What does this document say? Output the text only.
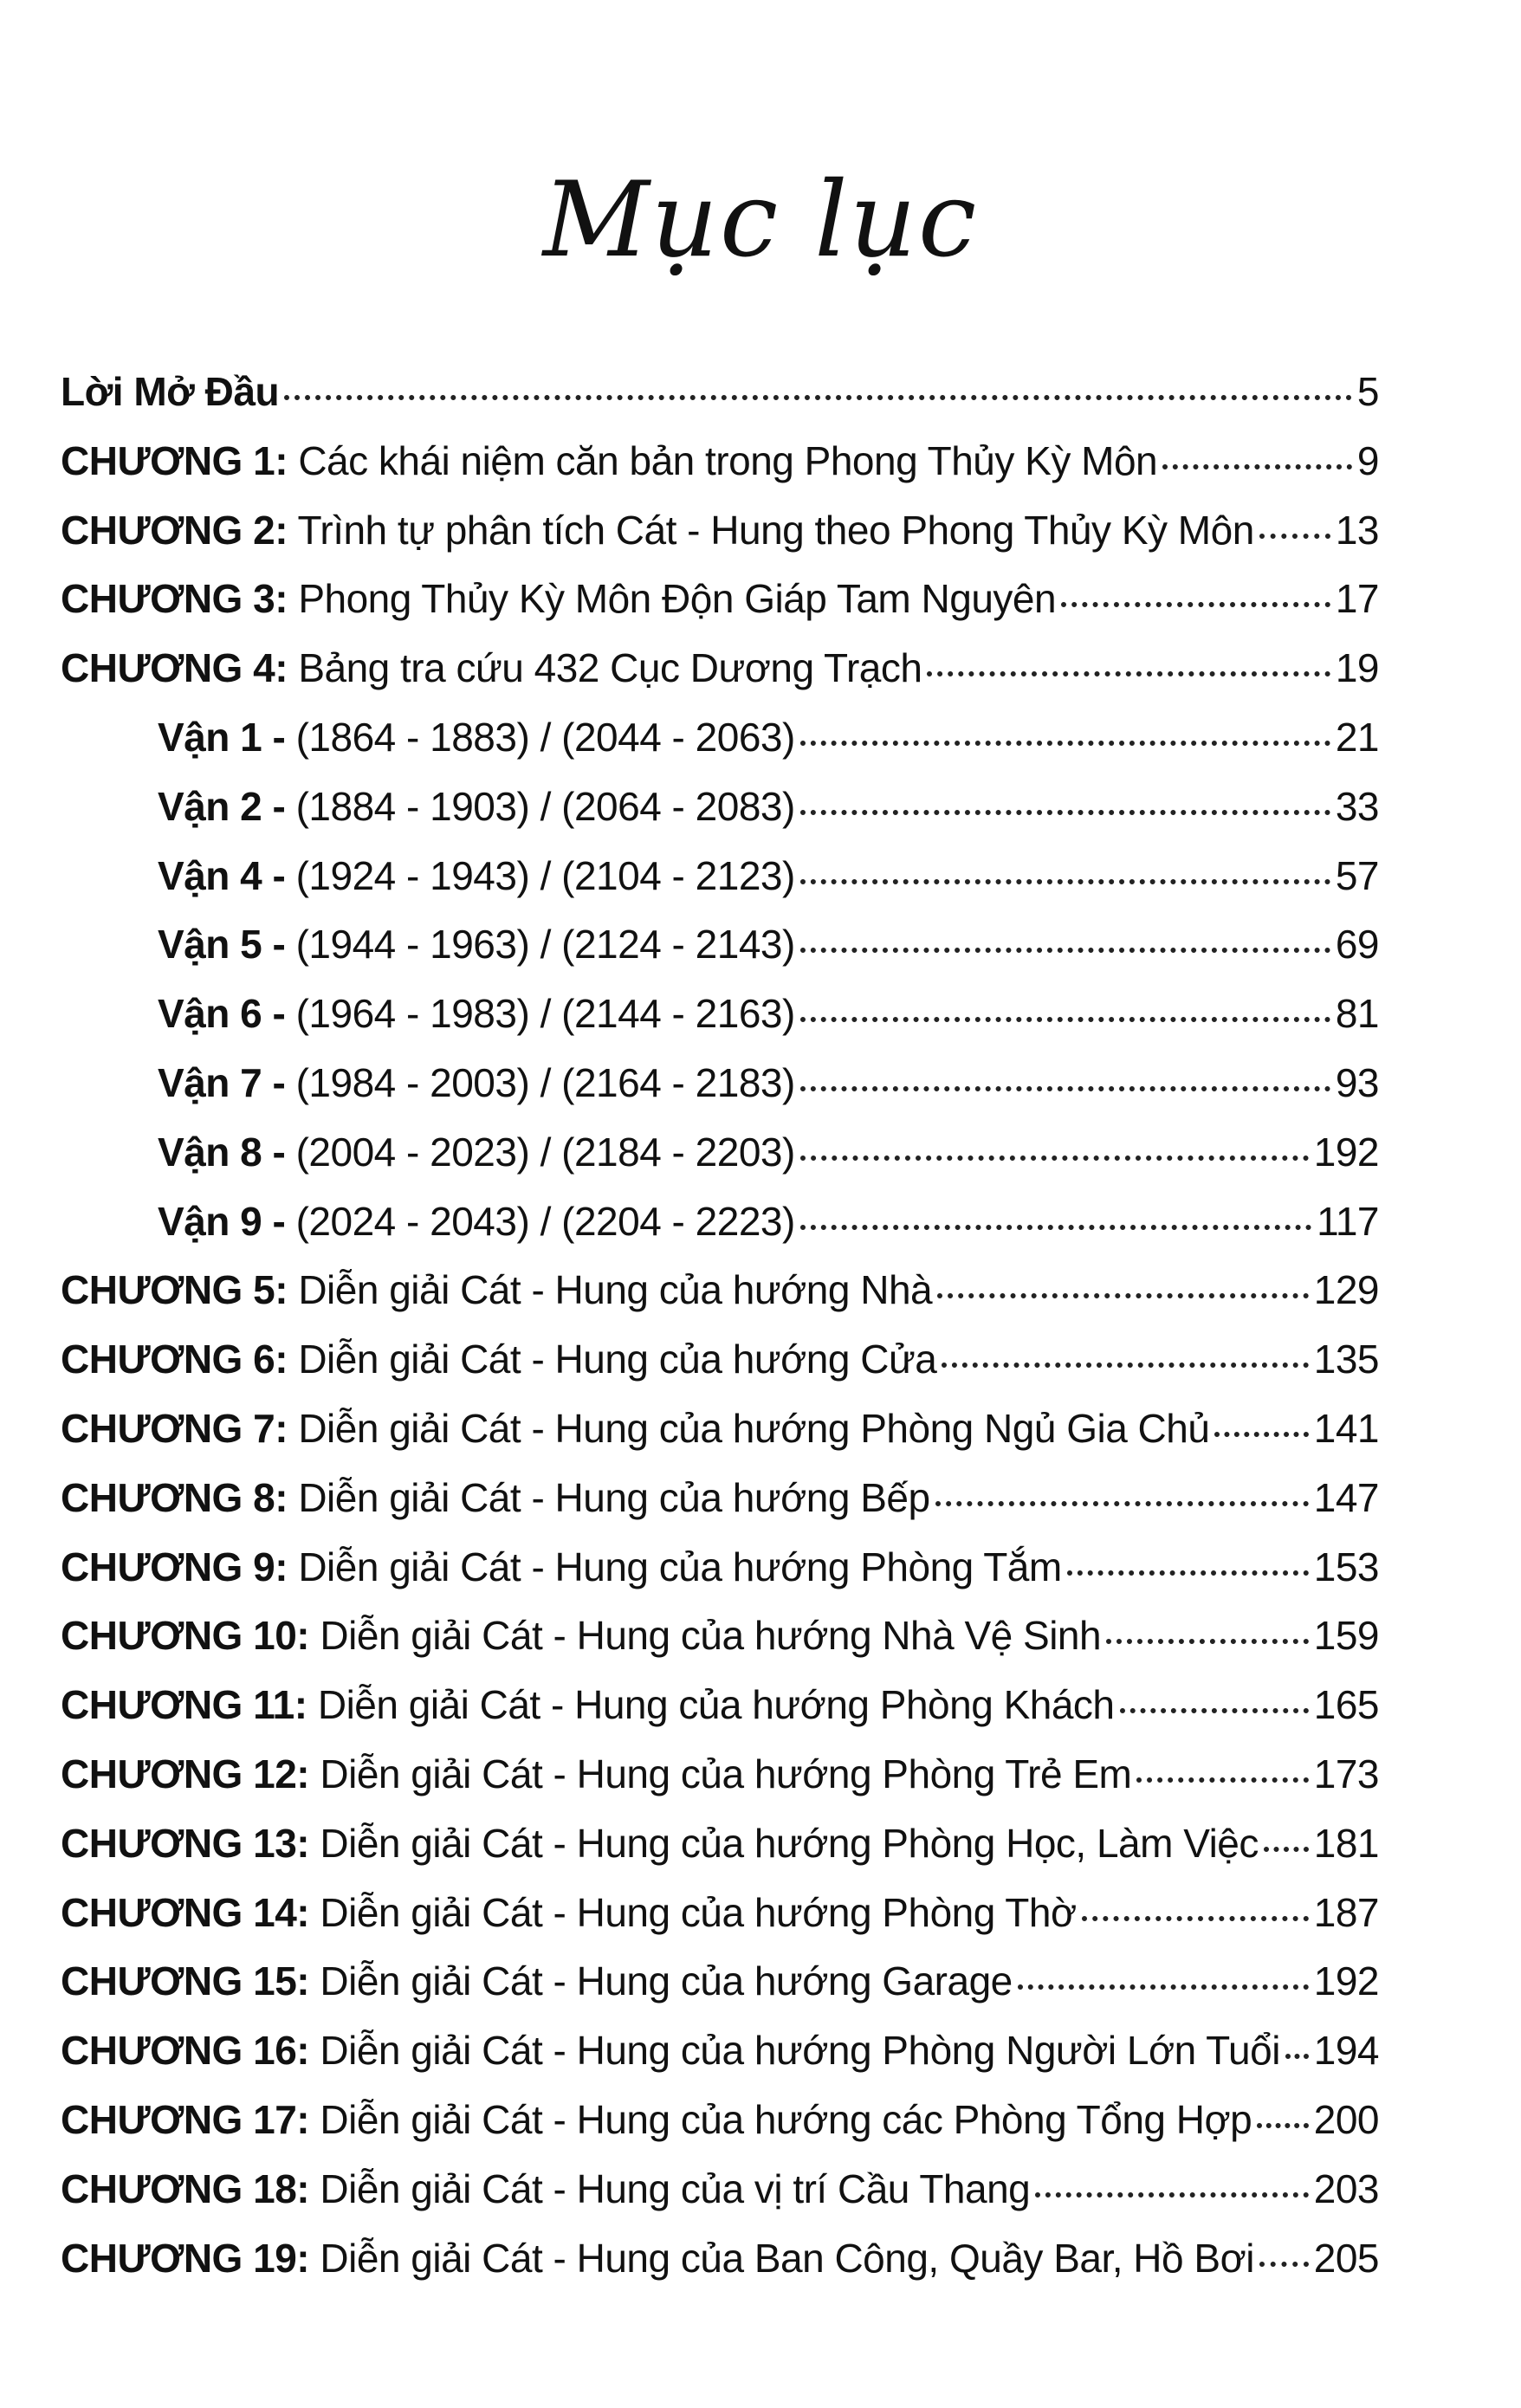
Mục lục
Lời Mở Đầu	5
CHƯƠNG 1: Các khái niệm căn bản trong Phong Thủy Kỳ Môn	9
CHƯƠNG 2: Trình tự phân tích Cát - Hung theo Phong Thủy Kỳ Môn 13
CHƯƠNG 3: Phong Thủy Kỳ Môn Độn Giáp Tam Nguyên	17
CHƯƠNG 4: Bảng tra cứu 432 Cục Dương Trạch	19
Vận 1 - (1864 - 1883) / (2044 - 2063)	21
Vận 2 - (1884 - 1903) / (2064 - 2083)	33
Vận 4 - (1924 - 1943) / (2104 - 2123)	57
Vận 5 - (1944 - 1963) / (2124 - 2143)	69
Vận 6 - (1964 - 1983) / (2144 - 2163)	81
Vận 7 - (1984 - 2003) / (2164 - 2183)	93
Vận 8 - (2004 - 2023) / (2184 - 2203)	192
Vận 9 - (2024 - 2043) / (2204 - 2223)	117
CHƯƠNG 5: Diễn giải Cát - Hung của hướng Nhà	129
CHƯƠNG 6: Diễn giải Cát - Hung của hướng Cửa	135
CHƯƠNG 7: Diễn giải Cát - Hung của hướng Phòng Ngủ Gia Chủ	141
CHƯƠNG 8: Diễn giải Cát - Hung của hướng Bếp	147
CHƯƠNG 9: Diễn giải Cát - Hung của hướng Phòng Tắm	153
CHƯƠNG 10: Diễn giải Cát - Hung của hướng Nhà Vệ Sinh	159
CHƯƠNG 11: Diễn giải Cát - Hung của hướng Phòng Khách	165
CHƯƠNG 12: Diễn giải Cát - Hung của hướng Phòng Trẻ Em	173
CHƯƠNG 13: Diễn giải Cát - Hung của hướng Phòng Học, Làm Việc 181
CHƯƠNG 14: Diễn giải Cát - Hung của hướng Phòng Thờ	187
CHƯƠNG 15: Diễn giải Cát - Hung của hướng Garage	192
CHƯƠNG 16: Diễn giải Cát - Hung của hướng Phòng Người Lớn Tuổi 194
CHƯƠNG 17: Diễn giải Cát - Hung của hướng các Phòng Tổng Hợp 200
CHƯƠNG 18: Diễn giải Cát - Hung của vị trí Cầu Thang	203
CHƯƠNG 19: Diễn giải Cát - Hung của Ban Công, Quầy Bar, Hồ Bơi 205
